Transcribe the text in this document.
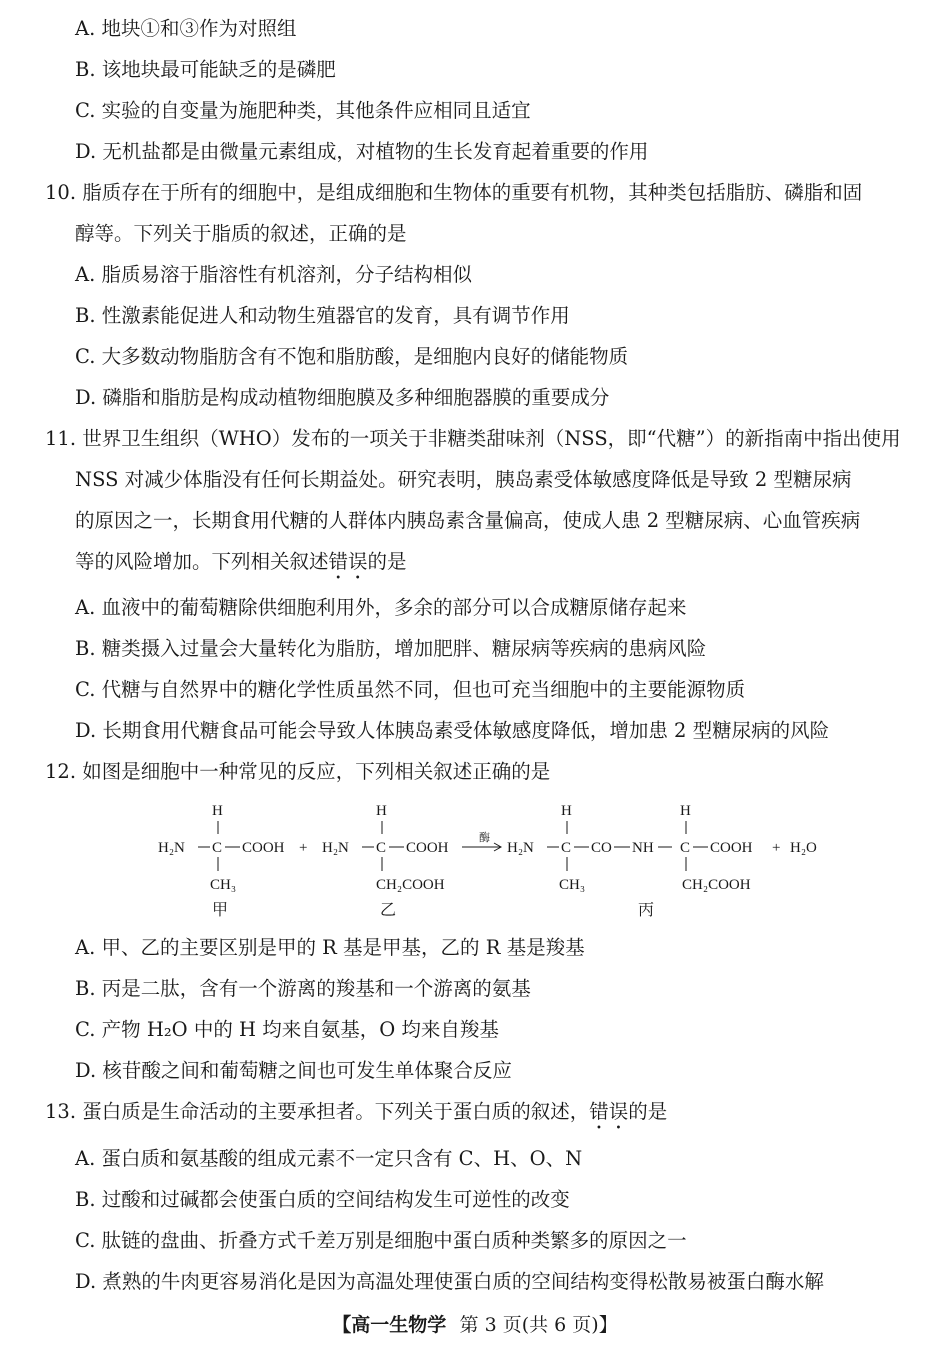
A. 地块①和③作为对照组
B. 该地块最可能缺乏的是磷肥
C. 实验的自变量为施肥种类，其他条件应相同且适宜
D. 无机盐都是由微量元素组成，对植物的生长发育起着重要的作用
10. 脂质存在于所有的细胞中，是组成细胞和生物体的重要有机物，其种类包括脂肪、磷脂和固
醇等。下列关于脂质的叙述，正确的是
A. 脂质易溶于脂溶性有机溶剂，分子结构相似
B. 性激素能促进人和动物生殖器官的发育，具有调节作用
C. 大多数动物脂肪含有不饱和脂肪酸，是细胞内良好的储能物质
D. 磷脂和脂肪是构成动植物细胞膜及多种细胞器膜的重要成分
11. 世界卫生组织（WHO）发布的一项关于非糖类甜味剂（NSS，即“代糖”）的新指南中指出使用
NSS 对减少体脂没有任何长期益处。研究表明，胰岛素受体敏感度降低是导致 2 型糖尿病
的原因之一，长期食用代糖的人群体内胰岛素含量偏高，使成人患 2 型糖尿病、心血管疾病
等的风险增加。下列相关叙述错误的是
A. 血液中的葡萄糖除供细胞利用外，多余的部分可以合成糖原储存起来
B. 糖类摄入过量会大量转化为脂肪，增加肥胖、糖尿病等疾病的患病风险
C. 代糖与自然界中的糖化学性质虽然不同，但也可充当细胞中的主要能源物质
D. 长期食用代糖食品可能会导致人体胰岛素受体敏感度降低，增加患 2 型糖尿病的风险
12. 如图是细胞中一种常见的反应，下列相关叙述正确的是
H
H₂N C COOH
CH₃
甲
+
H
H₂N C COOH
CH₂COOH
乙
酶
H
H₂N C CO NH
H
C COOH
CH₃	CH₂COOH
丙
+ H₂O
A. 甲、乙的主要区别是甲的 R 基是甲基，乙的 R 基是羧基
B. 丙是二肽，含有一个游离的羧基和一个游离的氨基
C. 产物 H₂O 中的 H 均来自氨基，O 均来自羧基
D. 核苷酸之间和葡萄糖之间也可发生单体聚合反应
13. 蛋白质是生命活动的主要承担者。下列关于蛋白质的叙述，错误的是
A. 蛋白质和氨基酸的组成元素不一定只含有 C、H、O、N
B. 过酸和过碱都会使蛋白质的空间结构发生可逆性的改变
C. 肽链的盘曲、折叠方式千差万别是细胞中蛋白质种类繁多的原因之一
D. 煮熟的牛肉更容易消化是因为高温处理使蛋白质的空间结构变得松散易被蛋白酶水解
【高一生物学 第 3 页(共 6 页)】
